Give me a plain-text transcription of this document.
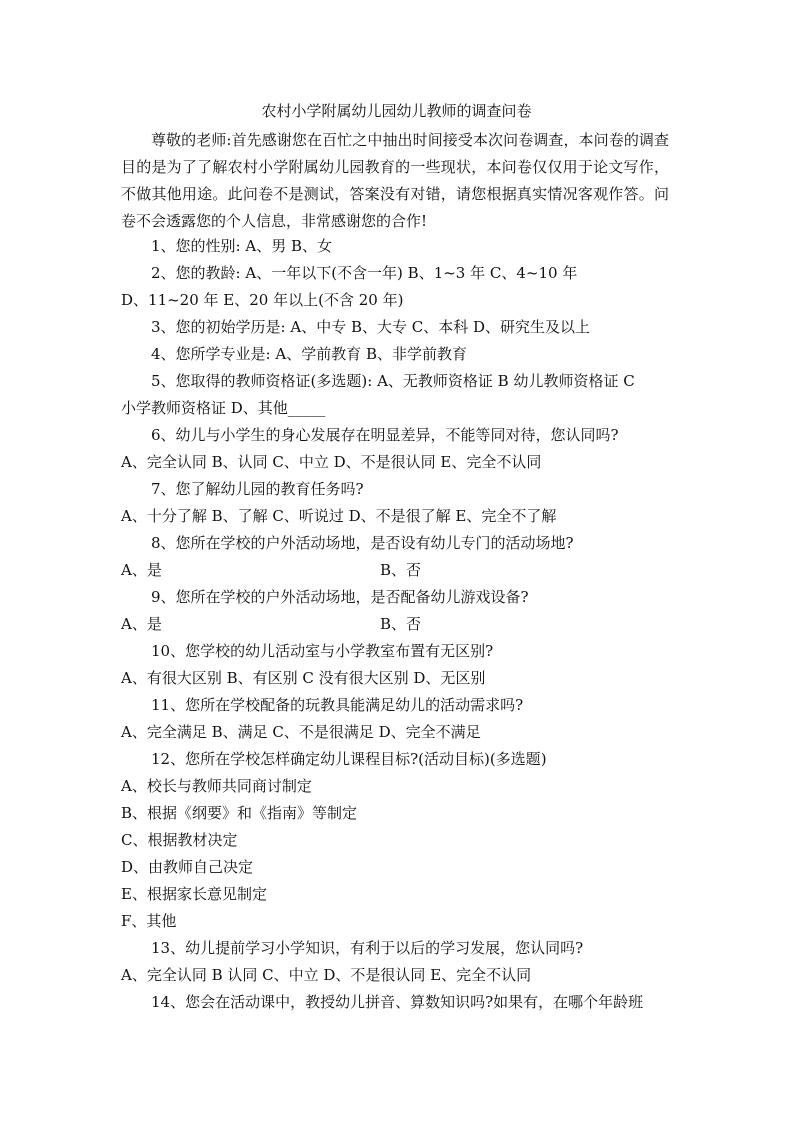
农村小学附属幼儿园幼儿教师的调查问卷
尊敬的老师:首先感谢您在百忙之中抽出时间接受本次问卷调查，本问卷的调查目的是为了了解农村小学附属幼儿园教育的一些现状，本问卷仅仅用于论文写作，不做其他用途。此问卷不是测试，答案没有对错，请您根据真实情况客观作答。问卷不会透露您的个人信息，非常感谢您的合作!
1、您的性别: A、男 B、女
2、您的教龄: A、一年以下(不含一年) B、1~3 年 C、4~10 年
D、11~20 年 E、20 年以上(不含 20 年)
3、您的初始学历是: A、中专 B、大专 C、本科 D、研究生及以上
4、您所学专业是: A、学前教育 B、非学前教育
5、您取得的教师资格证(多选题): A、无教师资格证 B 幼儿教师资格证 C
小学教师资格证 D、其他_____
6、幼儿与小学生的身心发展存在明显差异，不能等同对待，您认同吗?
A、完全认同 B、认同 C、中立 D、不是很认同 E、完全不认同
7、您了解幼儿园的教育任务吗?
A、十分了解 B、了解 C、听说过 D、不是很了解 E、完全不了解
8、您所在学校的户外活动场地，是否设有幼儿专门的活动场地?
A、是	B、否
9、您所在学校的户外活动场地，是否配备幼儿游戏设备?
A、是	B、否
10、您学校的幼儿活动室与小学教室布置有无区别?
A、有很大区别 B、有区别 C 没有很大区别 D、无区别
11、您所在学校配备的玩教具能满足幼儿的活动需求吗?
A、完全满足 B、满足 C、不是很满足 D、完全不满足
12、您所在学校怎样确定幼儿课程目标?(活动目标)(多选题)
A、校长与教师共同商讨制定
B、根据《纲要》和《指南》等制定
C、根据教材决定
D、由教师自己决定
E、根据家长意见制定
F、其他
13、幼儿提前学习小学知识，有利于以后的学习发展，您认同吗?
A、完全认同 B 认同 C、中立 D、不是很认同 E、完全不认同
14、您会在活动课中，教授幼儿拼音、算数知识吗?如果有，在哪个年龄班
